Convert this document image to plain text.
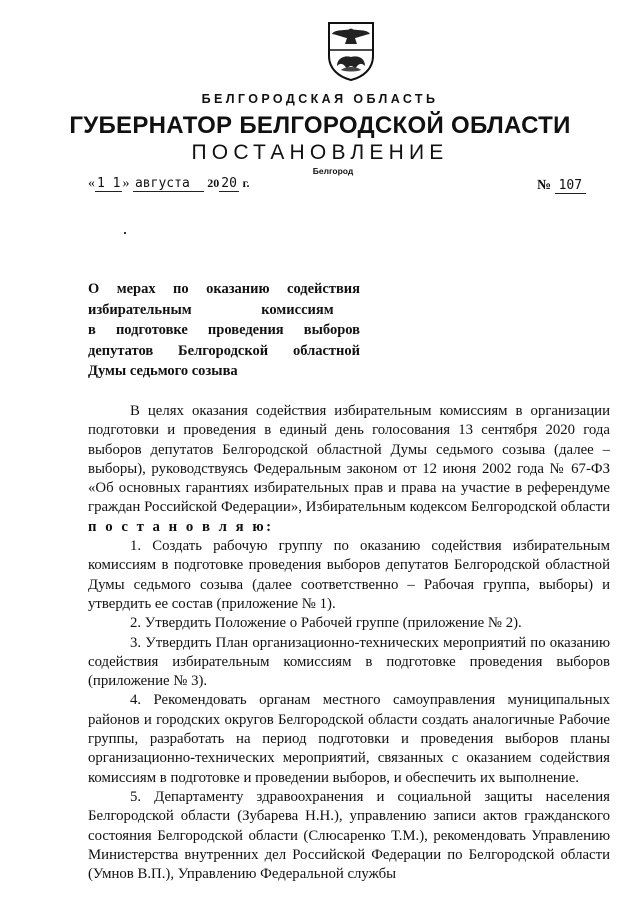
БЕЛГОРОДСКАЯ ОБЛАСТЬ
ГУБЕРНАТОР БЕЛГОРОДСКОЙ ОБЛАСТИ
ПОСТАНОВЛЕНИЕ
Белгород
« 1 1 » августа 20 20 г.	№ 107
О мерах по оказанию содействия
избирательным комиссиям
в подготовке проведения выборов
депутатов Белгородской областной
Думы седьмого созыва

В целях оказания содействия избирательным комиссиям в организации подготовки и проведения в единый день голосования 13 сентября 2020 года выборов депутатов Белгородской областной Думы седьмого созыва (далее – выборы), руководствуясь Федеральным законом от 12 июня 2002 года № 67-ФЗ «Об основных гарантиях избирательных прав и права на участие в референдуме граждан Российской Федерации», Избирательным кодексом Белгородской области п о с т а н о в л я ю:

1. Создать рабочую группу по оказанию содействия избирательным комиссиям в подготовке проведения выборов депутатов Белгородской областной Думы седьмого созыва (далее соответственно – Рабочая группа, выборы) и утвердить ее состав (приложение № 1).

2. Утвердить Положение о Рабочей группе (приложение № 2).

3. Утвердить План организационно-технических мероприятий по оказанию содействия избирательным комиссиям в подготовке проведения выборов (приложение № 3).

4. Рекомендовать органам местного самоуправления муниципальных районов и городских округов Белгородской области создать аналогичные Рабочие группы, разработать на период подготовки и проведения выборов планы организационно-технических мероприятий, связанных с оказанием содействия комиссиям в подготовке и проведении выборов, и обеспечить их выполнение.

5. Департаменту здравоохранения и социальной защиты населения Белгородской области (Зубарева Н.Н.), управлению записи актов гражданского состояния Белгородской области (Слюсаренко Т.М.), рекомендовать Управлению Министерства внутренних дел Российской Федерации по Белгородской области (Умнов В.П.), Управлению Федеральной службы
